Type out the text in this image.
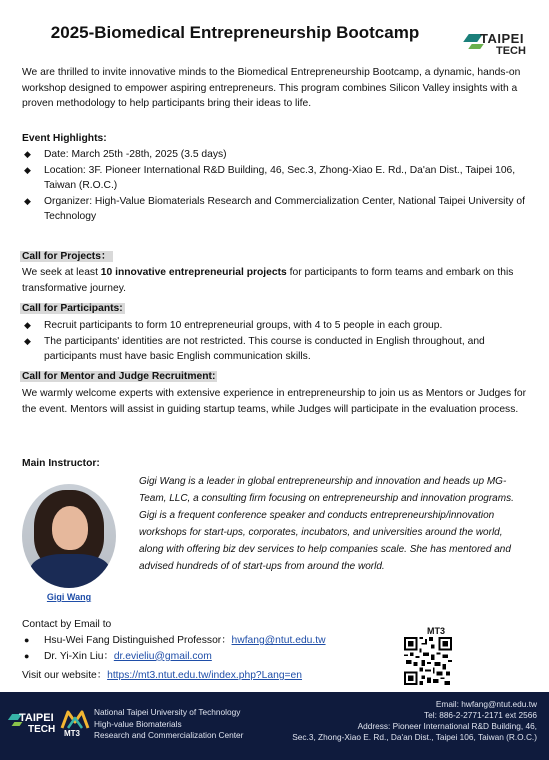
2025-Biomedical Entrepreneurship Bootcamp	TAIPEI
TECH

We are thrilled to invite innovative minds to the Biomedical Entrepreneurship Bootcamp, a dynamic, hands-on workshop designed to empower aspiring entrepreneurs. This program combines Silicon Valley insights with a proven methodology to help participants bring their ideas to life.

Event Highlights:
◆ Date: March 25th -28th, 2025 (3.5 days)
◆ Location: 3F. Pioneer International R&D Building, 46, Sec.3, Zhong-Xiao E. Rd., Da'an Dist., Taipei 106, Taiwan (R.O.C.)
◆ Organizer: High-Value Biomaterials Research and Commercialization Center, National Taipei University of Technology
Call for Projects：

We seek at least 10 innovative entrepreneurial projects for participants to form teams and embark on this transformative journey.

Call for Participants:
◆ Recruit participants to form 10 entrepreneurial groups, with 4 to 5 people in each group.
◆ The participants' identities are not restricted. This course is conducted in English throughout, and participants must have basic English communication skills.
Call for Mentor and Judge Recruitment:

We warmly welcome experts with extensive experience in entrepreneurship to join us as Mentors or Judges for the event. Mentors will assist in guiding startup teams, while Judges will participate in the evaluation process.

Main Instructor:
Gigi Wang

Gigi Wang is a leader in global entrepreneurship and innovation and heads up MG-Team, LLC, a consulting firm focusing on entrepreneurship and innovation programs. Gigi is a frequent conference speaker and conducts entrepreneurship/innovation workshops for start-ups, corporates, incubators, and universities around the world, along with offering biz dev services to help companies scale. She has mentored and advised hundreds of of start-ups from around the world.

Contact by Email to
● Hsu-Wei Fang Distinguished Professor：hwfang@ntut.edu.tw
● Dr. Yi-Xin Liu：dr.evieliu@gmail.com

Visit our website：https://mt3.ntut.edu.tw/index.php?Lang=en

MT3
TAIPEI
TECH MT3
National Taipei University of Technology
High-value Biomaterials
Research and Commercialization Center
Email: hwfang@ntut.edu.tw
Tel: 886-2-2771-2171 ext 2566
Address: Pioneer International R&D Building, 46,
Sec.3, Zhong-Xiao E. Rd., Da'an Dist., Taipei 106, Taiwan (R.O.C.)
